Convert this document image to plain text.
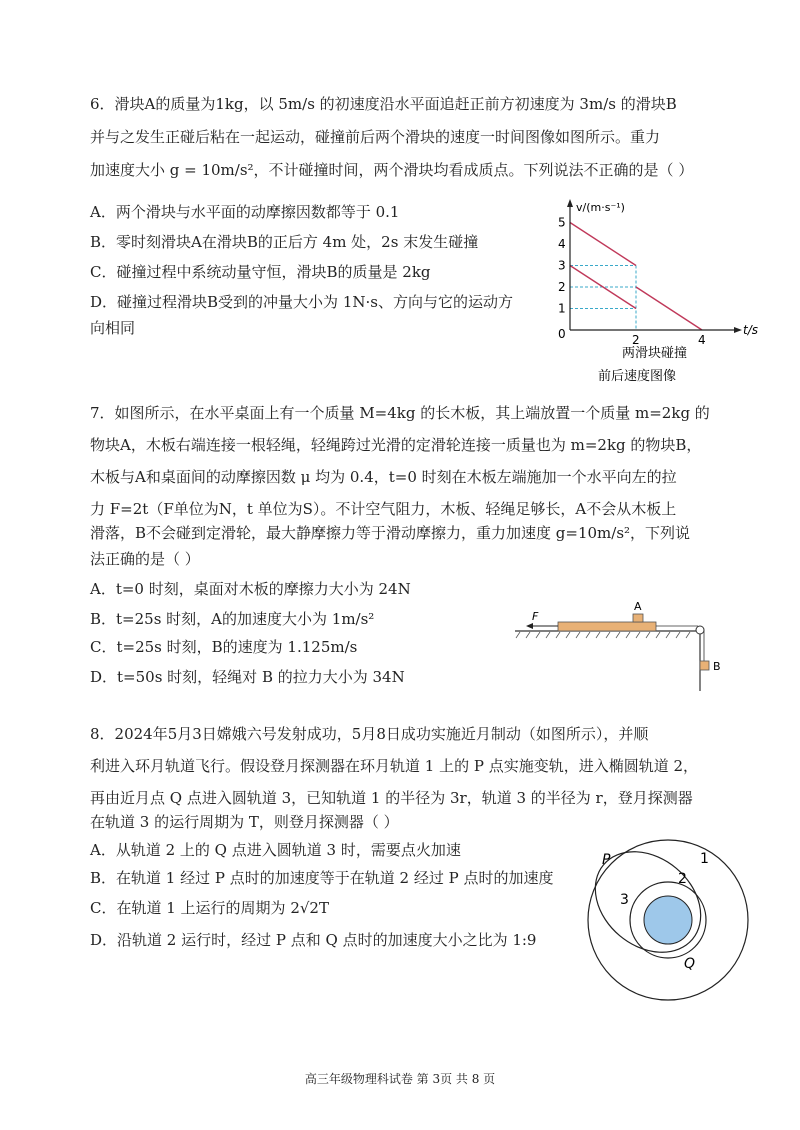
6．滑块A的质量为1kg，以 5m/s 的初速度沿水平面追赶正前方初速度为 3m/s 的滑块B
并与之发生正碰后粘在一起运动，碰撞前后两个滑块的速度一时间图像如图所示。重力
加速度大小 g = 10m/s²，不计碰撞时间，两个滑块均看成质点。下列说法不正确的是（ ）
A．两个滑块与水平面的动摩擦因数都等于 0.1
B．零时刻滑块A在滑块B的正后方 4m 处，2s 末发生碰撞
C．碰撞过程中系统动量守恒，滑块B的质量是 2kg
D．碰撞过程滑块B受到的冲量大小为 1N·s、方向与它的运动方
向相同
1
2
3
4
5
2	4
v/(m·s⁻¹)
t/s
0
两滑块碰撞
前后速度图像
7．如图所示，在水平桌面上有一个质量 M=4kg 的长木板，其上端放置一个质量 m=2kg 的
物块A，木板右端连接一根轻绳，轻绳跨过光滑的定滑轮连接一质量也为 m=2kg 的物块B，
木板与A和桌面间的动摩擦因数 μ 均为 0.4，t=0 时刻在木板左端施加一个水平向左的拉
力 F=2t（F单位为N，t 单位为S）。不计空气阻力，木板、轻绳足够长，A不会从木板上
滑落，B不会碰到定滑轮，最大静摩擦力等于滑动摩擦力，重力加速度 g=10m/s²，下列说
法正确的是（ ）
A．t=0 时刻，桌面对木板的摩擦力大小为 24N
B．t=25s 时刻，A的加速度大小为 1m/s²
C．t=25s 时刻，B的速度为 1.125m/s
D．t=50s 时刻，轻绳对 B 的拉力大小为 34N
A
F
B
8．2024年5月3日嫦娥六号发射成功，5月8日成功实施近月制动（如图所示），并顺
利进入环月轨道飞行。假设登月探测器在环月轨道 1 上的 P 点实施变轨，进入椭圆轨道 2，
再由近月点 Q 点进入圆轨道 3，已知轨道 1 的半径为 3r，轨道 3 的半径为 r，登月探测器
在轨道 3 的运行周期为 T，则登月探测器（ ）
A．从轨道 2 上的 Q 点进入圆轨道 3 时，需要点火加速
B．在轨道 1 经过 P 点时的加速度等于在轨道 2 经过 P 点时的加速度
C．在轨道 1 上运行的周期为 2√2T
D．沿轨道 2 运行时，经过 P 点和 Q 点时的加速度大小之比为 1:9
P
Q
1
2
3
高三年级物理科试卷 第 3页 共 8 页
